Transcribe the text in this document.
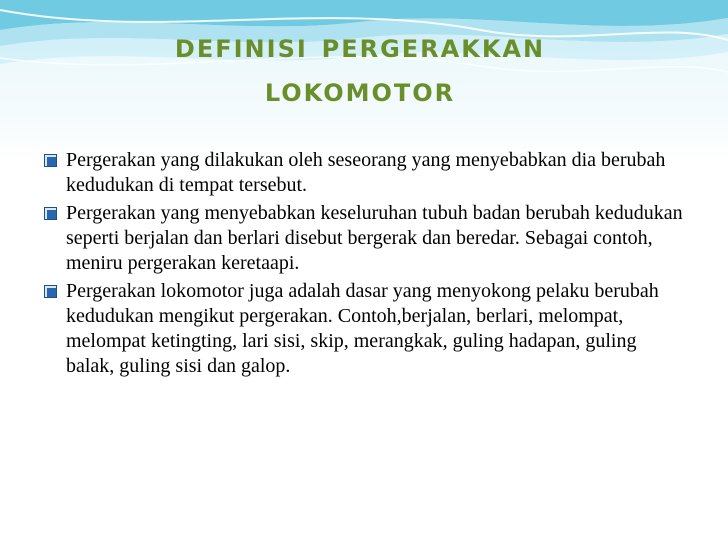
definisi pergerakkan
lokomotor
Pergerakan yang dilakukan oleh seseorang yang menyebabkan dia berubah kedudukan di tempat tersebut.
Pergerakan yang menyebabkan keseluruhan tubuh badan berubah kedudukan seperti berjalan dan berlari disebut bergerak dan beredar. Sebagai contoh, meniru pergerakan keretaapi.
Pergerakan lokomotor juga adalah dasar yang menyokong pelaku berubah kedudukan mengikut pergerakan. Contoh,berjalan, berlari, melompat, melompat ketingting, lari sisi, skip, merangkak, guling hadapan, guling balak, guling sisi dan galop.
